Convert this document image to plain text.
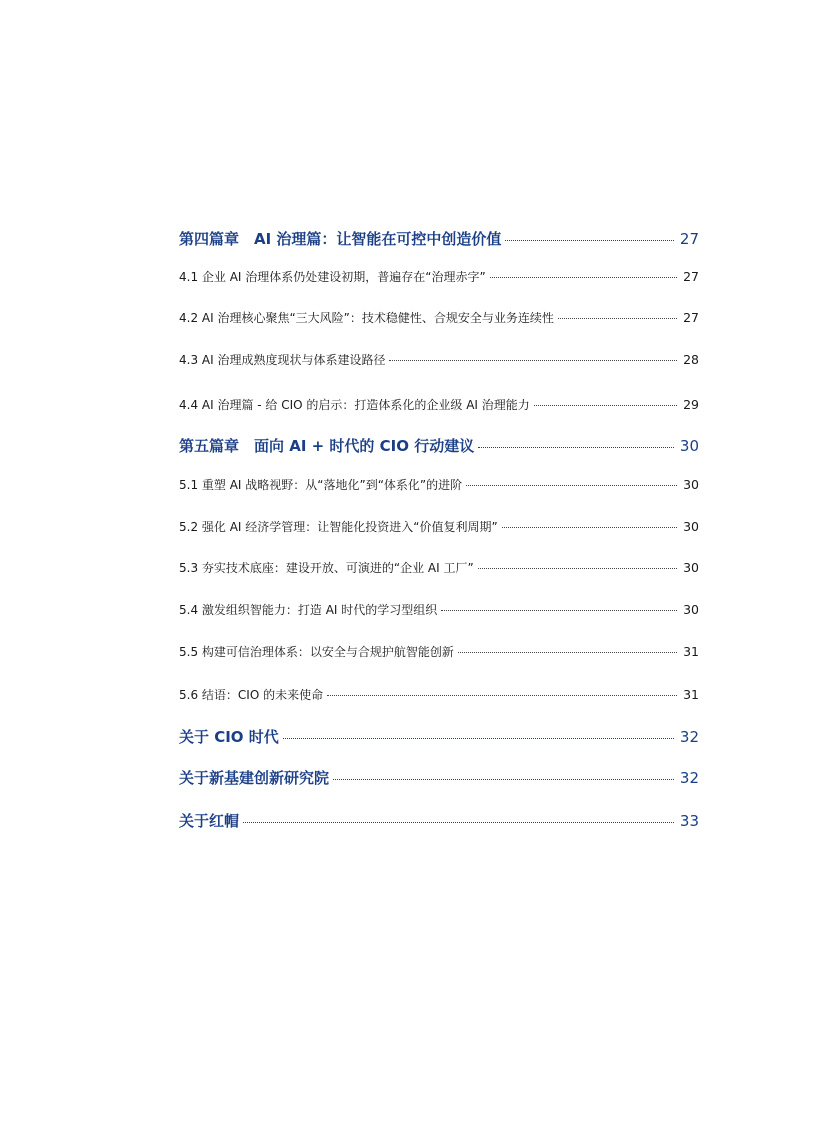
第四篇章　AI 治理篇：让智能在可控中创造价值	27
4.1 企业 AI 治理体系仍处建设初期，普遍存在“治理赤字”	27
4.2 AI 治理核心聚焦“三大风险”：技术稳健性、合规安全与业务连续性	27
4.3 AI 治理成熟度现状与体系建设路径	28
4.4 AI 治理篇 - 给 CIO 的启示：打造体系化的企业级 AI 治理能力	29
第五篇章　面向 AI + 时代的 CIO 行动建议	30
5.1 重塑 AI 战略视野：从“落地化”到“体系化”的进阶	30
5.2 强化 AI 经济学管理：让智能化投资进入“价值复利周期”	30
5.3 夯实技术底座：建设开放、可演进的“企业 AI 工厂”	30
5.4 激发组织智能力：打造 AI 时代的学习型组织	30
5.5 构建可信治理体系：以安全与合规护航智能创新	31
5.6 结语：CIO 的未来使命	31
关于 CIO 时代	32
关于新基建创新研究院	32
关于红帽	33
